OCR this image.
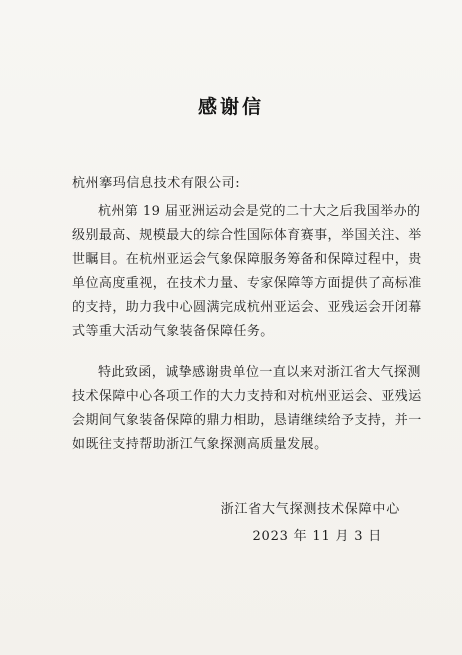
感谢信
杭州搴玛信息技术有限公司:
杭州第 19 届亚洲运动会是党的二十大之后我国举办的
级别最高、规模最大的综合性国际体育赛事，举国关注、举
世瞩目。在杭州亚运会气象保障服务筹备和保障过程中，贵
单位高度重视，在技术力量、专家保障等方面提供了高标准
的支持，助力我中心圆满完成杭州亚运会、亚残运会开闭幕
式等重大活动气象装备保障任务。
特此致函，诚挚感谢贵单位一直以来对浙江省大气探测
技术保障中心各项工作的大力支持和对杭州亚运会、亚残运
会期间气象装备保障的鼎力相助，恳请继续给予支持，并一
如既往支持帮助浙江气象探测高质量发展。
浙江省大气探测技术保障中心
2023 年 11 月 3 日
